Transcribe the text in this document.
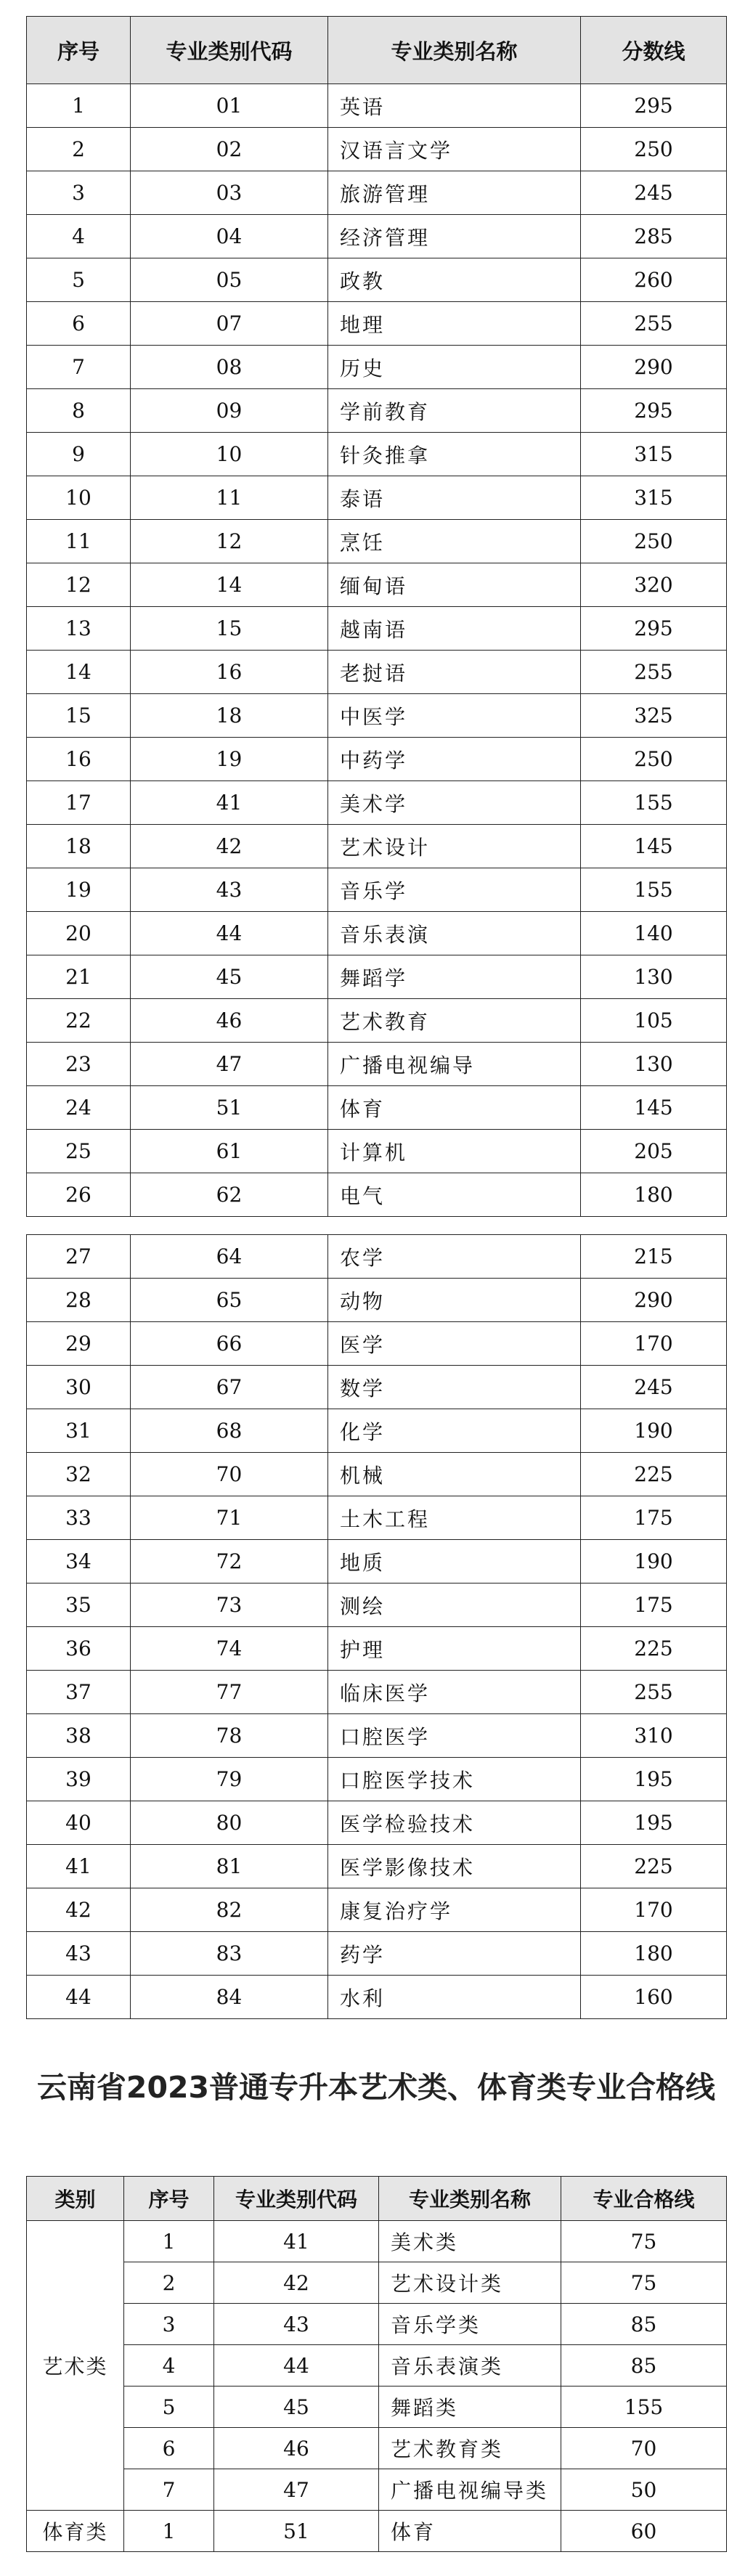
序号	专业类别代码	专业类别名称	分数线
1	01	英语	295
2	02	汉语言文学	250
3	03	旅游管理	245
4	04	经济管理	285
5	05	政教	260
6	07	地理	255
7	08	历史	290
8	09	学前教育	295
9	10	针灸推拿	315
10	11	泰语	315
11	12	烹饪	250
12	14	缅甸语	320
13	15	越南语	295
14	16	老挝语	255
15	18	中医学	325
16	19	中药学	250
17	41	美术学	155
18	42	艺术设计	145
19	43	音乐学	155
20	44	音乐表演	140
21	45	舞蹈学	130
22	46	艺术教育	105
23	47	广播电视编导	130
24	51	体育	145
25	61	计算机	205
26	62	电气	180
27	64	农学	215
28	65	动物	290
29	66	医学	170
30	67	数学	245
31	68	化学	190
32	70	机械	225
33	71	土木工程	175
34	72	地质	190
35	73	测绘	175
36	74	护理	225
37	77	临床医学	255
38	78	口腔医学	310
39	79	口腔医学技术	195
40	80	医学检验技术	195
41	81	医学影像技术	225
42	82	康复治疗学	170
43	83	药学	180
44	84	水利	160
云南省2023普通专升本艺术类、体育类专业合格线
类别	序号	专业类别代码	专业类别名称	专业合格线
艺术类	1	41	美术类	75
	2	42	艺术设计类	75
	3	43	音乐学类	85
	4	44	音乐表演类	85
	5	45	舞蹈类	155
	6	46	艺术教育类	70
	7	47	广播电视编导类	50
体育类	1	51	体育	60
